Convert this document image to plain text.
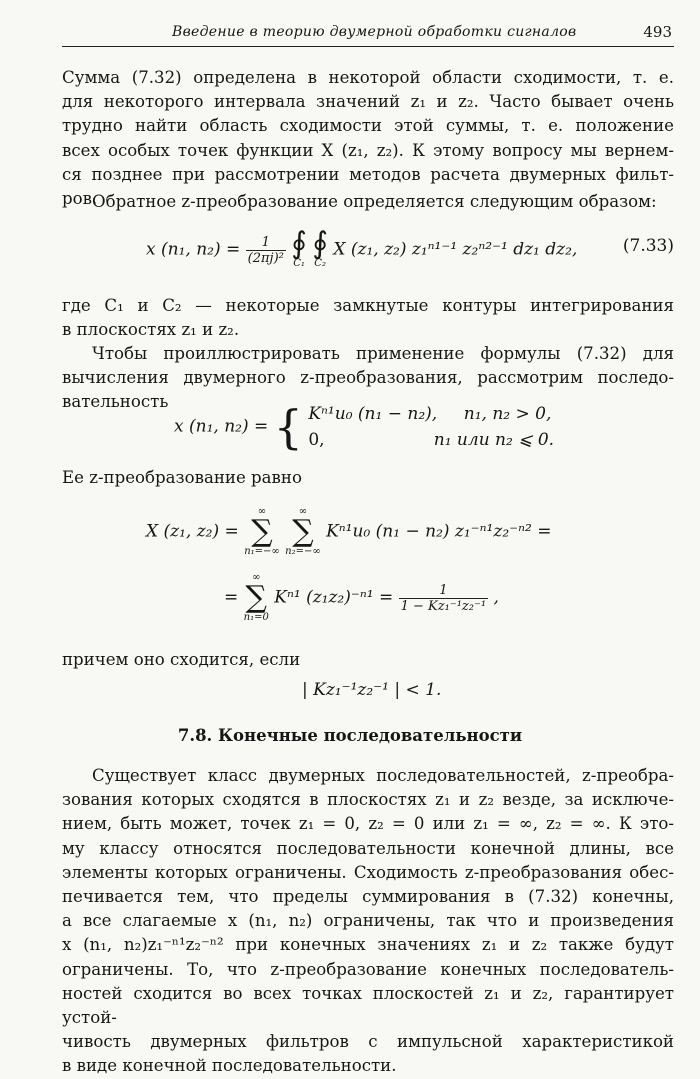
Введение в теорию двумерной обработки сигналов	493
Сумма (7.32) определена в некоторой области сходимости, т. е.
для некоторого интервала значений z₁ и z₂. Часто бывает очень
трудно найти область сходимости этой суммы, т. е. положение
всех особых точек функции X (z₁, z₂). К этому вопросу мы вернем-
ся позднее при рассмотрении методов расчета двумерных фильт-
ров.
Обратное z-преобразование определяется следующим образом:
x (n₁, $n_2) = \frac{1}{\text{(2πj)²}}$
∮
C₁

∮
C₂
X (z₁, z₂) z₁ⁿ¹⁻¹ z₂ⁿ²⁻¹ dz₁ dz₂,	(7.33)
где C₁ и C₂ — некоторые замкнутые контуры интегрирования
в плоскостях z₁ и z₂.
Чтобы проиллюстрировать применение формулы (7.32) для
вычисления двумерного z-преобразования, рассмотрим последо-
вательность
x (n₁, n₂) = { Kⁿ¹u₀ (n₁ − n₂), n₁, n₂ > 0,
0,	n₁ или n₂ ⩽ 0.
Ее z-преобразование равно
X (z₁, z₂) =
∞
∑
n₁=−∞

∞
∑
n₂=−∞
Kⁿ¹u₀ (n₁ − n₂) z₁⁻ⁿ¹z₂⁻ⁿ² =
=
∞
∑
n₁=0
Kⁿ¹ $(z_1z_2)^{-n1} = \frac{1}{\text{1 − Kz₁⁻¹z₂⁻¹}}$ ,
причем оно сходится, если
| Kz₁⁻¹z₂⁻¹ | < 1.
7.8. Конечные последовательности
Существует класс двумерных последовательностей, z-преобра-
зования которых сходятся в плоскостях z₁ и z₂ везде, за исключе-
нием, быть может, точек z₁ = 0, z₂ = 0 или z₁ = ∞, z₂ = ∞. К это-
му классу относятся последовательности конечной длины, все
элементы которых ограничены. Сходимость z-преобразования обес-
печивается тем, что пределы суммирования в (7.32) конечны,
а все слагаемые x (n₁, n₂) ограничены, так что и произведения
x (n₁, n₂)z₁⁻ⁿ¹z₂⁻ⁿ² при конечных значениях z₁ и z₂ также будут
ограничены. То, что z-преобразование конечных последователь-
ностей сходится во всех точках плоскостей z₁ и z₂, гарантирует устой-
чивость двумерных фильтров с импульсной характеристикой
в виде конечной последовательности.
